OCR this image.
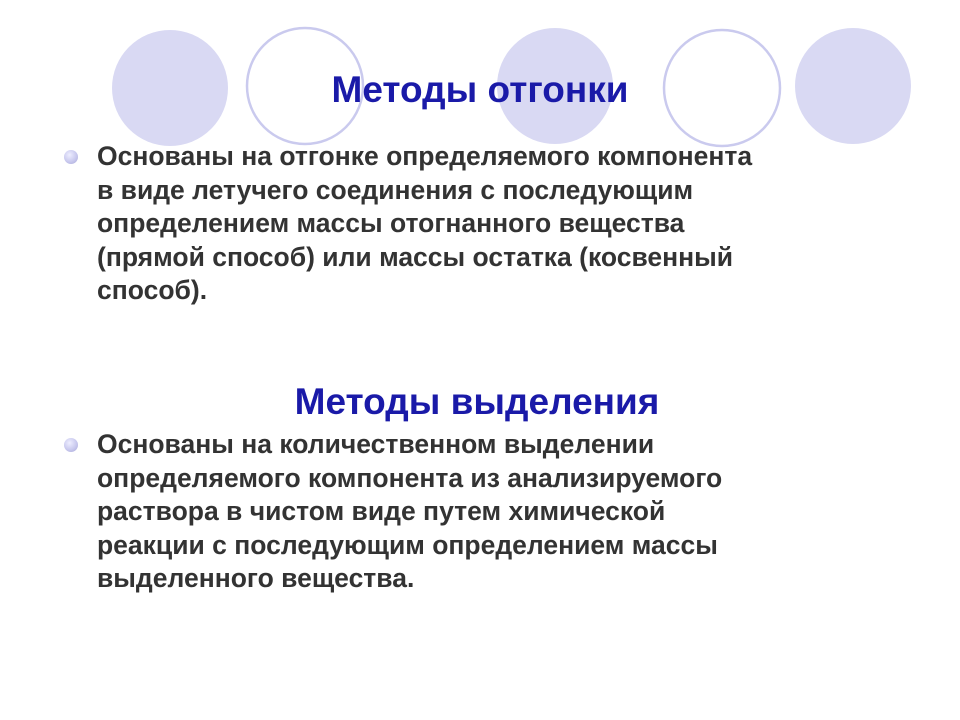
Методы отгонки

Основаны на отгонке определяемого компонента
в виде летучего соединения с последующим
определением массы отогнанного вещества
(прямой способ) или массы остатка (косвенный
способ).

Методы выделения

Основаны на количественном выделении
определяемого компонента из анализируемого
раствора в чистом виде путем химической
реакции с последующим определением массы
выделенного вещества.
